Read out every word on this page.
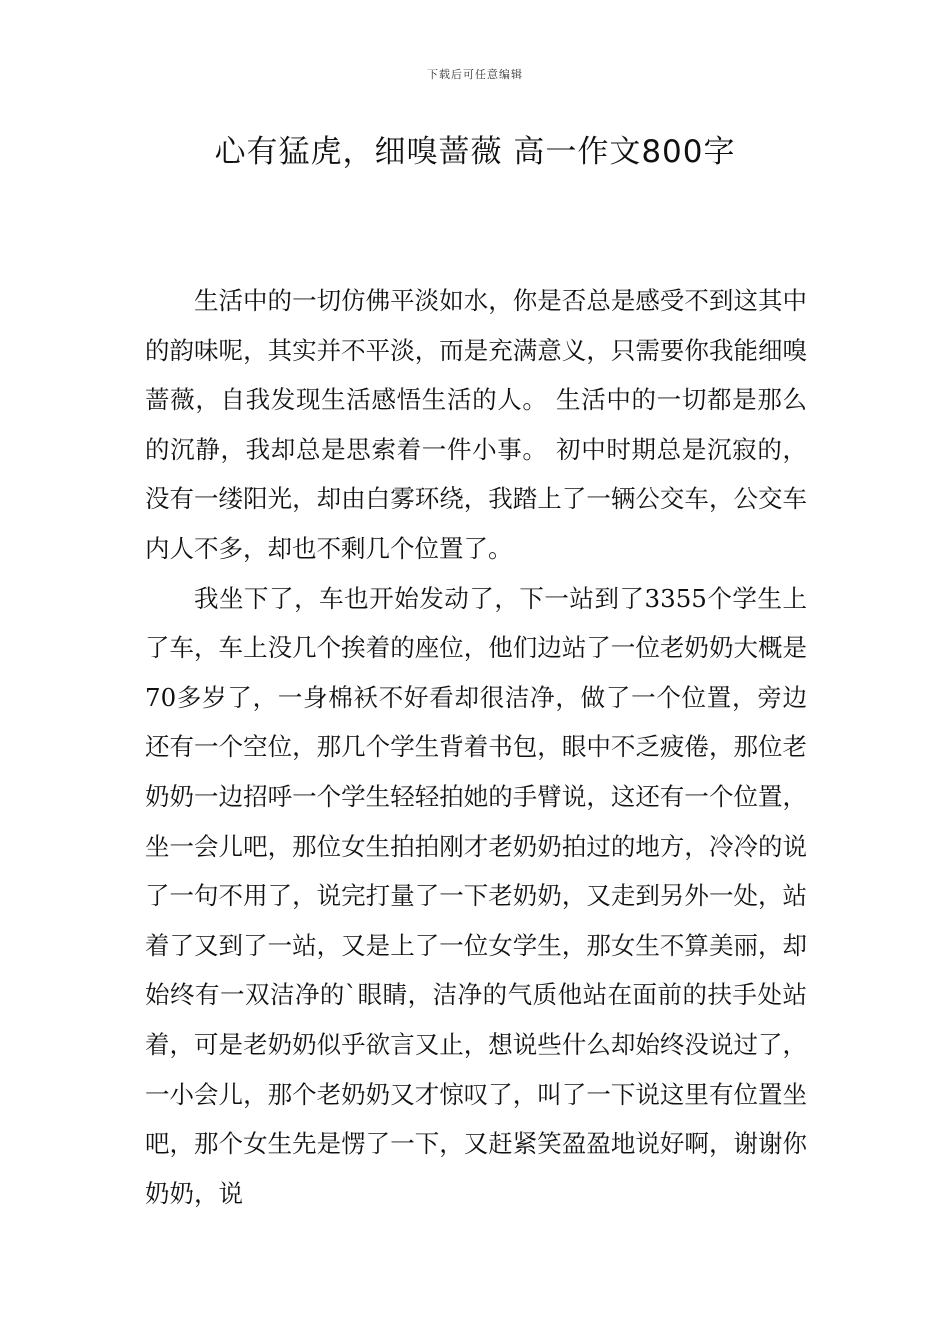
下载后可任意编辑
心有猛虎，细嗅蔷薇 高一作文800字

生活中的一切仿佛平淡如水，你是否总是感受不到这其中的韵味呢，其实并不平淡，而是充满意义，只需要你我能细嗅蔷薇，自我发现生活感悟生活的人。 生活中的一切都是那么的沉静，我却总是思索着一件小事。 初中时期总是沉寂的，没有一缕阳光，却由白雾环绕，我踏上了一辆公交车，公交车内人不多，却也不剩几个位置了。

我坐下了，车也开始发动了，下一站到了3355个学生上了车，车上没几个挨着的座位，他们边站了一位老奶奶大概是70多岁了，一身棉袄不好看却很洁净，做了一个位置，旁边还有一个空位，那几个学生背着书包，眼中不乏疲倦，那位老奶奶一边招呼一个学生轻轻拍她的手臂说，这还有一个位置，坐一会儿吧，那位女生拍拍刚才老奶奶拍过的地方，冷冷的说了一句不用了，说完打量了一下老奶奶，又走到另外一处，站着了又到了一站，又是上了一位女学生，那女生不算美丽，却始终有一双洁净的`眼睛，洁净的气质他站在面前的扶手处站着，可是老奶奶似乎欲言又止，想说些什么却始终没说过了，一小会儿，那个老奶奶又才惊叹了，叫了一下说这里有位置坐吧，那个女生先是愣了一下，又赶紧笑盈盈地说好啊，谢谢你奶奶，说
